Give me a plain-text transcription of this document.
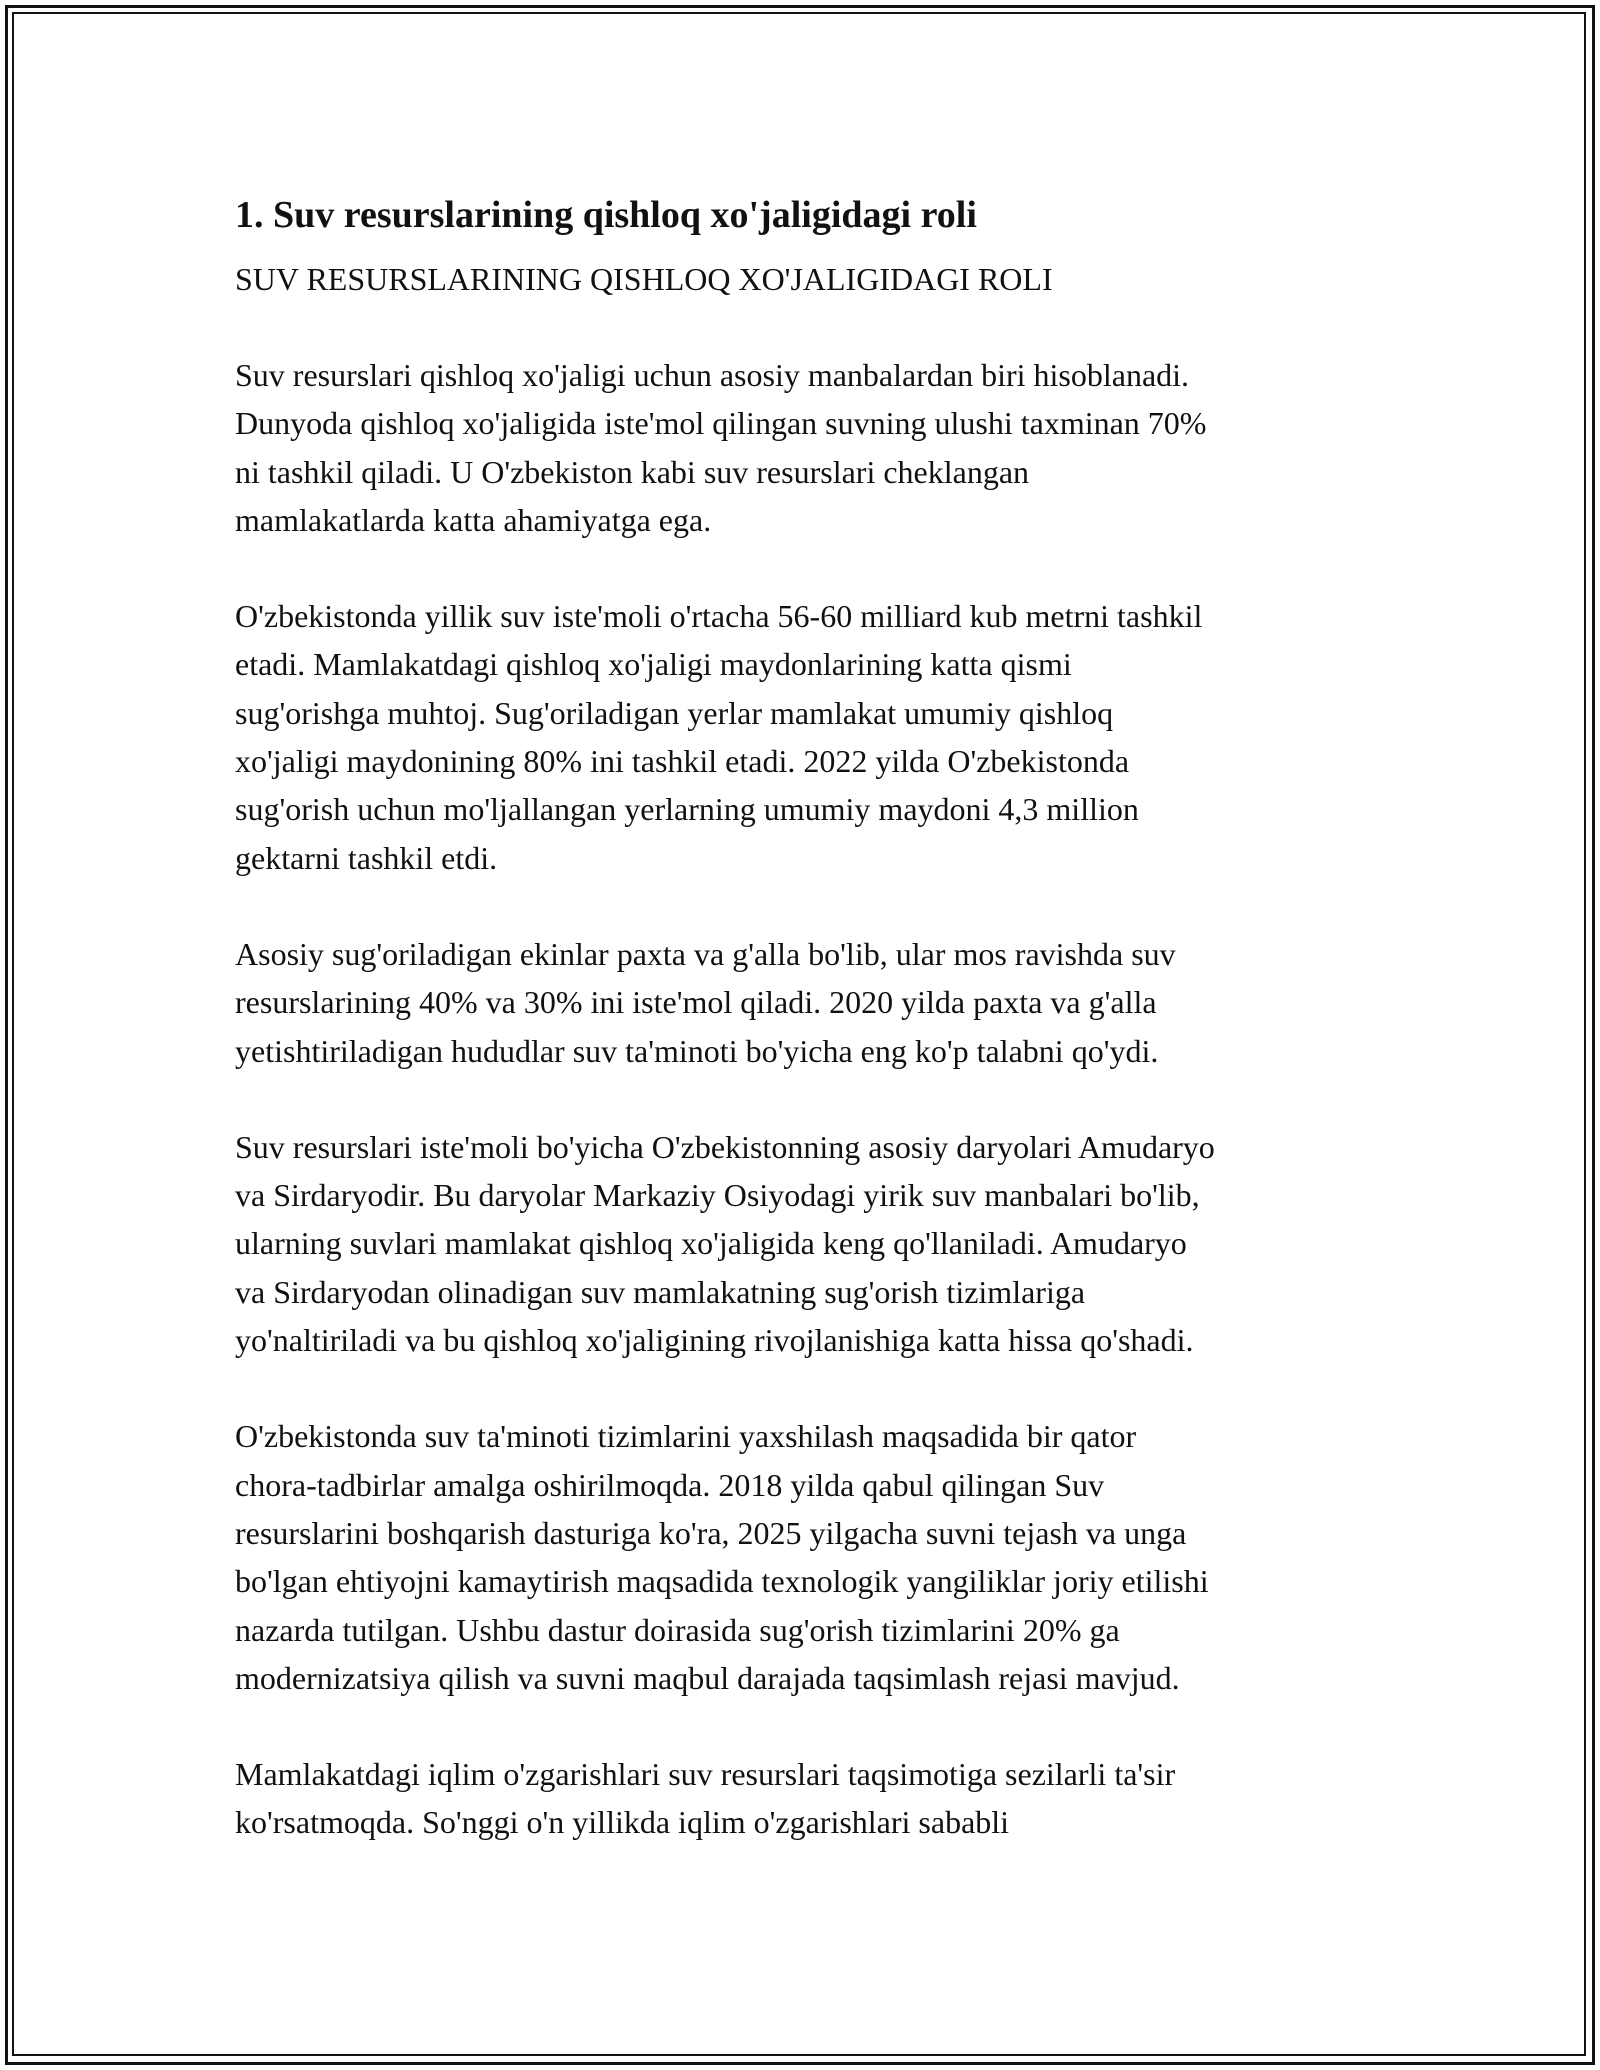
1. Suv resurslarining qishloq xo'jaligidagi roli
SUV RESURSLARINING QISHLOQ XO'JALIGIDAGI ROLI

Suv resurslari qishloq xo'jaligi uchun asosiy manbalardan biri hisoblanadi.
Dunyoda qishloq xo'jaligida iste'mol qilingan suvning ulushi taxminan 70%
ni tashkil qiladi. U O'zbekiston kabi suv resurslari cheklangan
mamlakatlarda katta ahamiyatga ega.

O'zbekistonda yillik suv iste'moli o'rtacha 56-60 milliard kub metrni tashkil
etadi. Mamlakatdagi qishloq xo'jaligi maydonlarining katta qismi
sug'orishga muhtoj. Sug'oriladigan yerlar mamlakat umumiy qishloq
xo'jaligi maydonining 80% ini tashkil etadi. 2022 yilda O'zbekistonda
sug'orish uchun mo'ljallangan yerlarning umumiy maydoni 4,3 million
gektarni tashkil etdi.

Asosiy sug'oriladigan ekinlar paxta va g'alla bo'lib, ular mos ravishda suv
resurslarining 40% va 30% ini iste'mol qiladi. 2020 yilda paxta va g'alla
yetishtiriladigan hududlar suv ta'minoti bo'yicha eng ko'p talabni qo'ydi.

Suv resurslari iste'moli bo'yicha O'zbekistonning asosiy daryolari Amudaryo
va Sirdaryodir. Bu daryolar Markaziy Osiyodagi yirik suv manbalari bo'lib,
ularning suvlari mamlakat qishloq xo'jaligida keng qo'llaniladi. Amudaryo
va Sirdaryodan olinadigan suv mamlakatning sug'orish tizimlariga
yo'naltiriladi va bu qishloq xo'jaligining rivojlanishiga katta hissa qo'shadi.

O'zbekistonda suv ta'minoti tizimlarini yaxshilash maqsadida bir qator
chora-tadbirlar amalga oshirilmoqda. 2018 yilda qabul qilingan Suv
resurslarini boshqarish dasturiga ko'ra, 2025 yilgacha suvni tejash va unga
bo'lgan ehtiyojni kamaytirish maqsadida texnologik yangiliklar joriy etilishi
nazarda tutilgan. Ushbu dastur doirasida sug'orish tizimlarini 20% ga
modernizatsiya qilish va suvni maqbul darajada taqsimlash rejasi mavjud.

Mamlakatdagi iqlim o'zgarishlari suv resurslari taqsimotiga sezilarli ta'sir
ko'rsatmoqda. So'nggi o'n yillikda iqlim o'zgarishlari sababli
